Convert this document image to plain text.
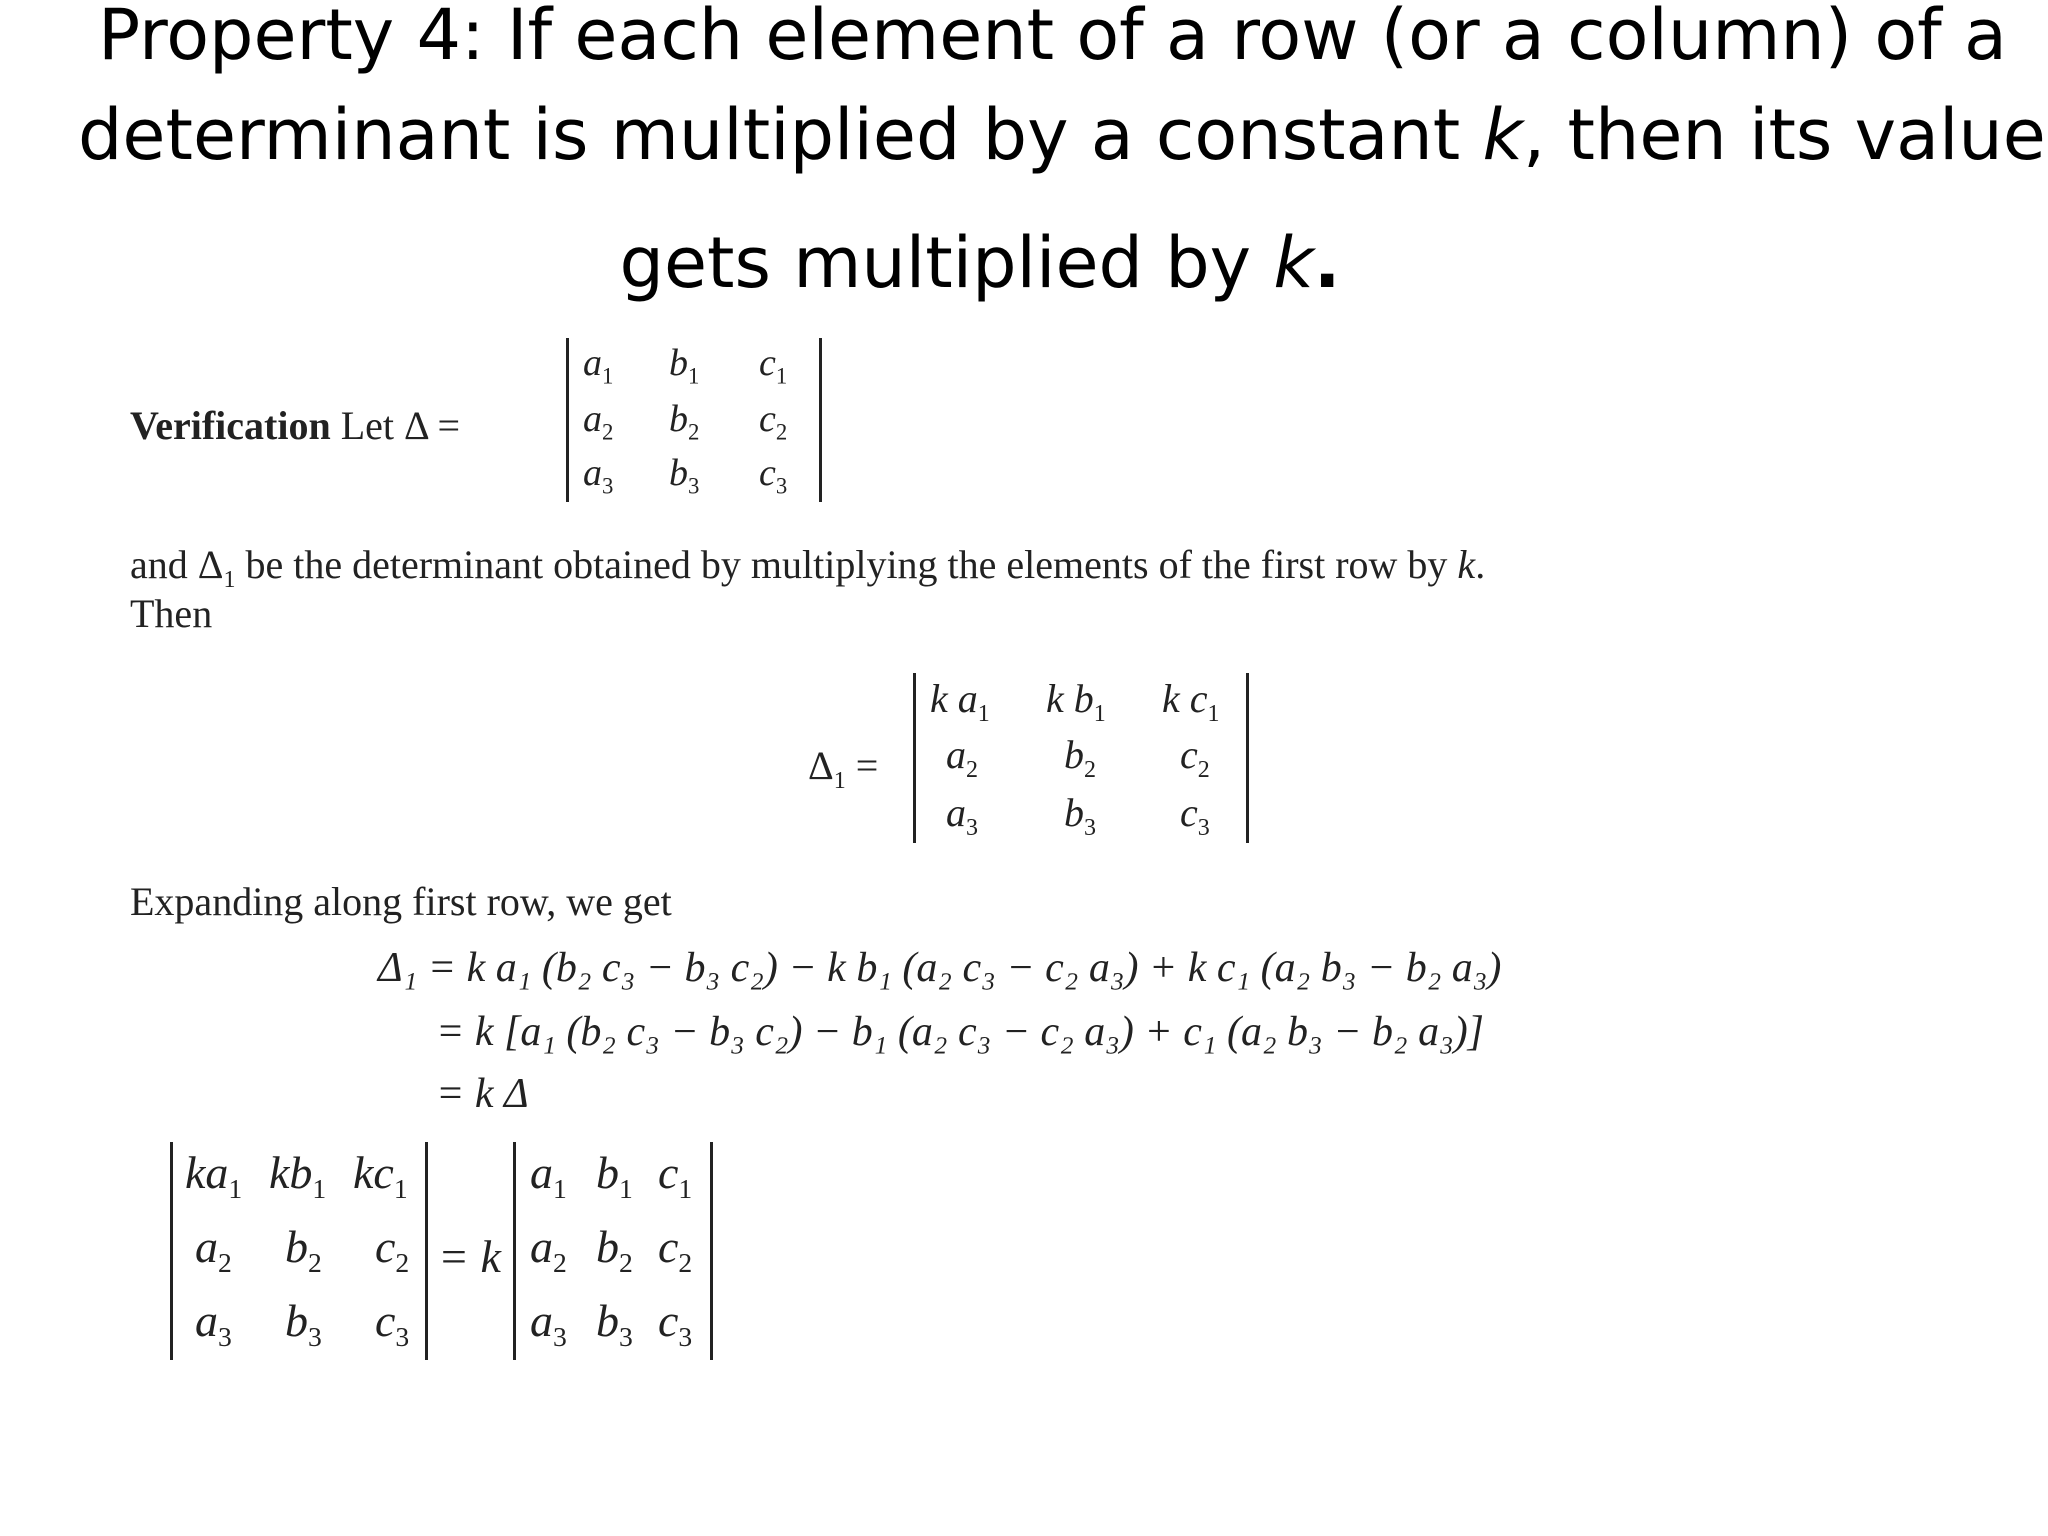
Property 4: If each element of a row (or a column) of a
determinant is multiplied by a constant k, then its value
gets multiplied by k.
Verification Let Δ =
$a_1$ $b_1$ $c_1$
$a_2$ $b_2$ $c_2$
$a_3$ $b_3$ $c_3$
and $\Delta_1$ be the determinant obtained by multiplying the elements of the first row by k.
Then
$\Delta_1$ =
k $a_1$ k $b_1$ k $c_1$
$a_2$ $b_2$ $c_2$
$a_3$ $b_3$ $c_3$
Expanding along first row, we get
Δ₁ = k a₁ (b₂ c₃ − b₃ c₂) − k b₁ (a₂ c₃ − c₂ a₃) + k c₁ (a₂ b₃ − b₂ a₃)
= k [a₁ (b₂ c₃ − b₃ c₂) − b₁ (a₂ c₃ − c₂ a₃) + c₁ (a₂ b₃ − b₂ a₃)]
= k Δ
$ka_1$ $kb_1$ $kc_1$
$a_2$ $b_2$ $c_2$
$a_3$ $b_3$ $c_3$
= k
$a_1$ $b_1$ $c_1$
$a_2$ $b_2$ $c_2$
$a_3$ $b_3$ $c_3$
